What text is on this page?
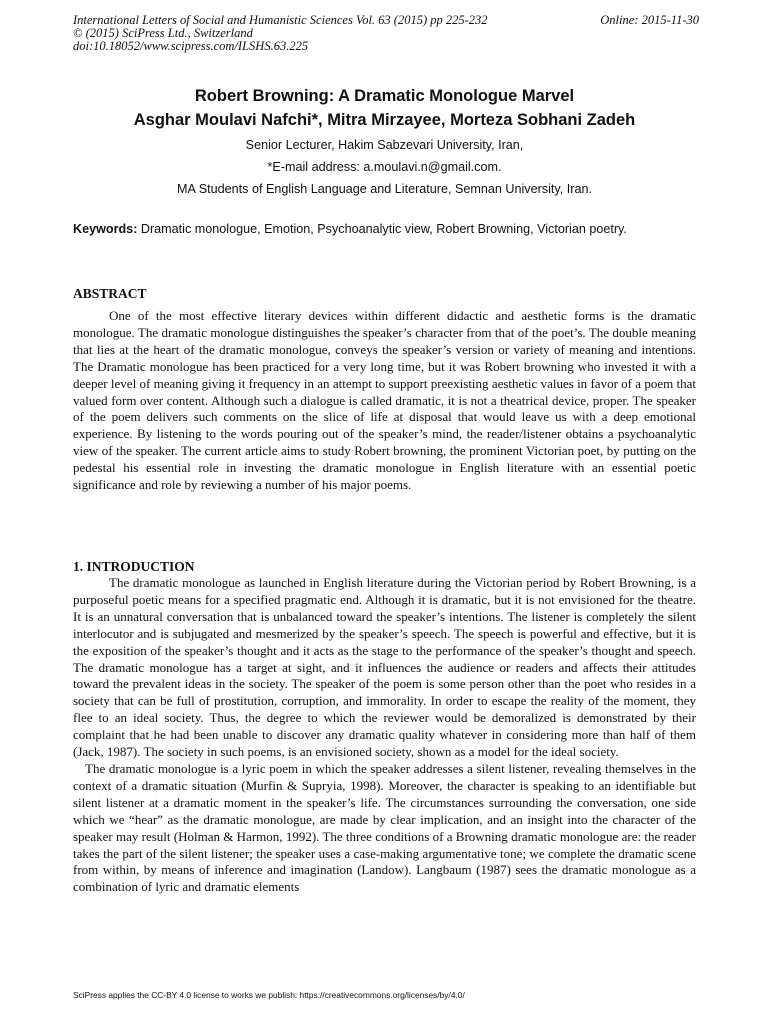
International Letters of Social and Humanistic Sciences Vol. 63 (2015) pp 225-232	Online: 2015-11-30
© (2015) SciPress Ltd., Switzerland
doi:10.18052/www.scipress.com/ILSHS.63.225
Robert Browning: A Dramatic Monologue Marvel
Asghar Moulavi Nafchi*, Mitra Mirzayee, Morteza Sobhani Zadeh
Senior Lecturer, Hakim Sabzevari University, Iran,
*E-mail address: a.moulavi.n@gmail.com.
MA Students of English Language and Literature, Semnan University, Iran.
Keywords: Dramatic monologue, Emotion, Psychoanalytic view, Robert Browning, Victorian poetry.
ABSTRACT

One of the most effective literary devices within different didactic and aesthetic forms is the dramatic monologue. The dramatic monologue distinguishes the speaker’s character from that of the poet’s. The double meaning that lies at the heart of the dramatic monologue, conveys the speaker’s version or variety of meaning and intentions. The Dramatic monologue has been practiced for a very long time, but it was Robert browning who invested it with a deeper level of meaning giving it frequency in an attempt to support preexisting aesthetic values in favor of a poem that valued form over content. Although such a dialogue is called dramatic, it is not a theatrical device, proper. The speaker of the poem delivers such comments on the slice of life at disposal that would leave us with a deep emotional experience. By listening to the words pouring out of the speaker’s mind, the reader/listener obtains a psychoanalytic view of the speaker. The current article aims to study Robert browning, the prominent Victorian poet, by putting on the pedestal his essential role in investing the dramatic monologue in English literature with an essential poetic significance and role by reviewing a number of his major poems.

1. INTRODUCTION

The dramatic monologue as launched in English literature during the Victorian period by Robert Browning, is a purposeful poetic means for a specified pragmatic end. Although it is dramatic, but it is not envisioned for the theatre. It is an unnatural conversation that is unbalanced toward the speaker’s intentions. The listener is completely the silent interlocutor and is subjugated and mesmerized by the speaker’s speech. The speech is powerful and effective, but it is the exposition of the speaker’s thought and it acts as the stage to the performance of the speaker’s thought and speech. The dramatic monologue has a target at sight, and it influences the audience or readers and affects their attitudes toward the prevalent ideas in the society. The speaker of the poem is some person other than the poet who resides in a society that can be full of prostitution, corruption, and immorality. In order to escape the reality of the moment, they flee to an ideal society. Thus, the degree to which the reviewer would be demoralized is demonstrated by their complaint that he had been unable to discover any dramatic quality whatever in considering more than half of them (Jack, 1987). The society in such poems, is an envisioned society, shown as a model for the ideal society.

The dramatic monologue is a lyric poem in which the speaker addresses a silent listener, revealing themselves in the context of a dramatic situation (Murfin & Supryia, 1998). Moreover, the character is speaking to an identifiable but silent listener at a dramatic moment in the speaker’s life. The circumstances surrounding the conversation, one side which we “hear” as the dramatic monologue, are made by clear implication, and an insight into the character of the speaker may result (Holman & Harmon, 1992). The three conditions of a Browning dramatic monologue are: the reader takes the part of the silent listener; the speaker uses a case-making argumentative tone; we complete the dramatic scene from within, by means of inference and imagination (Landow). Langbaum (1987) sees the dramatic monologue as a combination of lyric and dramatic elements

SciPress applies the CC-BY 4.0 license to works we publish: https://creativecommons.org/licenses/by/4.0/
